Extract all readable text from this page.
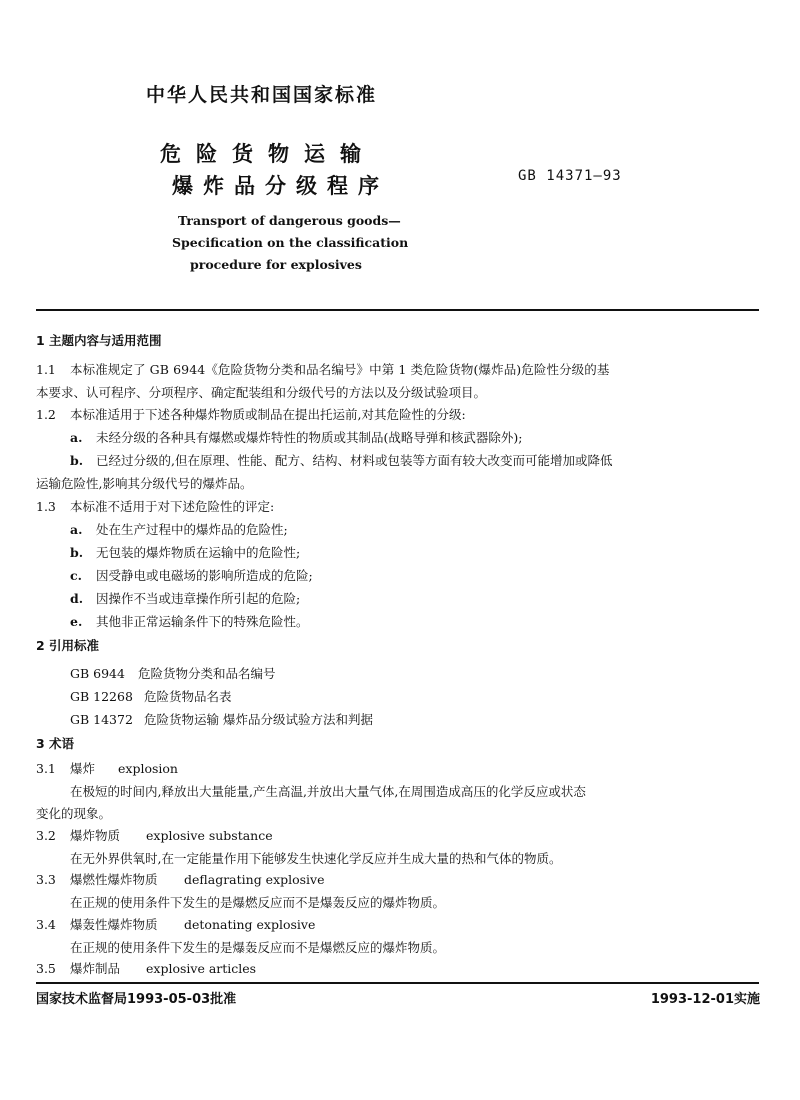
中华人民共和国国家标准
危险货物运输
爆炸品分级程序	GB 14371—93
Transport of dangerous goods—
Specification on the classification
procedure for explosives
1 主题内容与适用范围
1.1 本标准规定了 GB 6944《危险货物分类和品名编号》中第 1 类危险货物(爆炸品)危险性分级的基
本要求、认可程序、分项程序、确定配装组和分级代号的方法以及分级试验项目。
1.2 本标准适用于下述各种爆炸物质或制品在提出托运前,对其危险性的分级:
a. 未经分级的各种具有爆燃或爆炸特性的物质或其制品(战略导弹和核武器除外);
b. 已经过分级的,但在原理、性能、配方、结构、材料或包装等方面有较大改变而可能增加或降低
运输危险性,影响其分级代号的爆炸品。
1.3 本标准不适用于对下述危险性的评定:
a. 处在生产过程中的爆炸品的危险性;
b. 无包装的爆炸物质在运输中的危险性;
c. 因受静电或电磁场的影响所造成的危险;
d. 因操作不当或违章操作所引起的危险;
e. 其他非正常运输条件下的特殊危险性。
2 引用标准
GB 6944 危险货物分类和品名编号
GB 12268 危险货物品名表
GB 14372 危险货物运输 爆炸品分级试验方法和判据
3 术语
3.1 爆炸 explosion
在极短的时间内,释放出大量能量,产生高温,并放出大量气体,在周围造成高压的化学反应或状态
变化的现象。
3.2 爆炸物质 explosive substance
在无外界供氧时,在一定能量作用下能够发生快速化学反应并生成大量的热和气体的物质。
3.3 爆燃性爆炸物质 deflagrating explosive
在正规的使用条件下发生的是爆燃反应而不是爆轰反应的爆炸物质。
3.4 爆轰性爆炸物质 detonating explosive
在正规的使用条件下发生的是爆轰反应而不是爆燃反应的爆炸物质。
3.5 爆炸制品 explosive articles
国家技术监督局1993-05-03批准	1993-12-01实施
